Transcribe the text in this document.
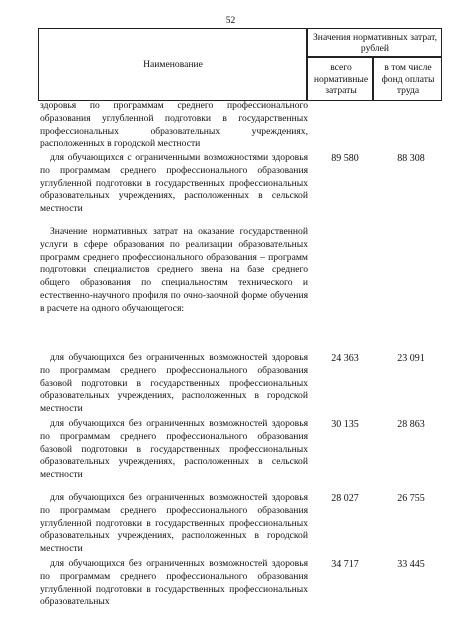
52
Наименование
Значения нормативных затрат, рублей
всего нормативные затраты
в том числе фонд оплаты труда
здоровья по программам среднего профессионального образования углубленной подготовки в государственных профессиональных образовательных учреждениях, расположенных в городской местности
для обучающихся с ограниченными возможностями здоровья по программам среднего профессионального образования углубленной подготовки в государственных профессиональных образовательных учреждениях, расположенных в сельской местности
89 580	88 308
Значение нормативных затрат на оказание государственной услуги в сфере образования по реализации образовательных программ среднего профессионального образования – программ подготовки специалистов среднего звена на базе среднего общего образования по специальностям технического и естественно-научного профиля по очно-заочной форме обучения в расчете на одного обучающегося:
для обучающихся без ограниченных возможностей здоровья по программам среднего профессионального образования базовой подготовки в государственных профессиональных образовательных учреждениях, расположенных в городской местности
24 363	23 091
для обучающихся без ограниченных возможностей здоровья по программам среднего профессионального образования базовой подготовки в государственных профессиональных образовательных учреждениях, расположенных в сельской местности
30 135	28 863
для обучающихся без ограниченных возможностей здоровья по программам среднего профессионального образования углубленной подготовки в государственных профессиональных образовательных учреждениях, расположенных в городской местности
28 027	26 755
для обучающихся без ограниченных возможностей здоровья по программам среднего профессионального образования углубленной подготовки в государственных профессиональных образовательных
34 717	33 445
